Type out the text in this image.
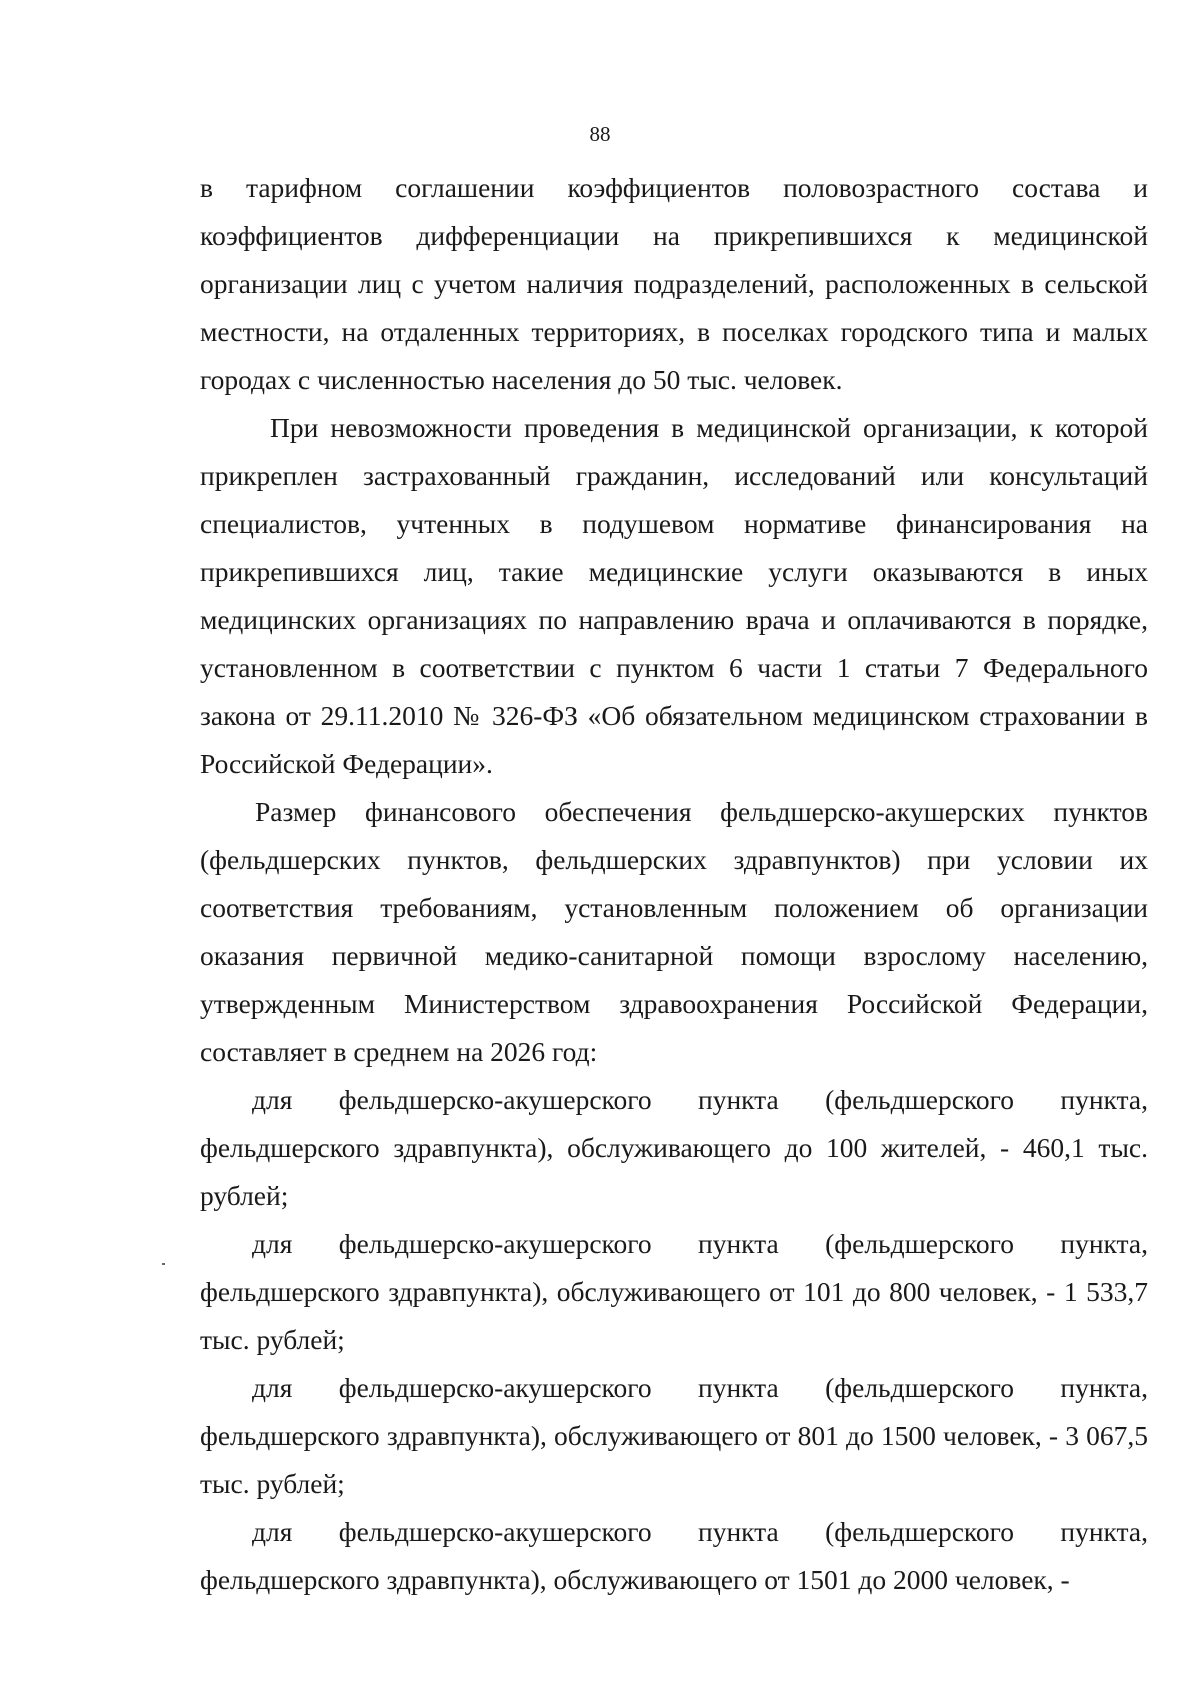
88

в тарифном соглашении коэффициентов половозрастного состава и коэффициентов дифференциации на прикрепившихся к медицинской организации лиц с учетом наличия подразделений, расположенных в сельской местности, на отдаленных территориях, в поселках городского типа и малых городах с численностью населения до 50 тыс. человек.

При невозможности проведения в медицинской организации, к которой прикреплен застрахованный гражданин, исследований или консультаций специалистов, учтенных в подушевом нормативе финансирования на прикрепившихся лиц, такие медицинские услуги оказываются в иных медицинских организациях по направлению врача и оплачиваются в порядке, установленном в соответствии с пунктом 6 части 1 статьи 7 Федерального закона от 29.11.2010 № 326-ФЗ «Об обязательном медицинском страховании в Российской Федерации».

Размер финансового обеспечения фельдшерско-акушерских пунктов (фельдшерских пунктов, фельдшерских здравпунктов) при условии их соответствия требованиям, установленным положением об организации оказания первичной медико-санитарной помощи взрослому населению, утвержденным Министерством здравоохранения Российской Федерации, составляет в среднем на 2026 год:

для фельдшерско-акушерского пункта (фельдшерского пункта, фельдшерского здравпункта), обслуживающего до 100 жителей, - 460,1 тыс. рублей;

для фельдшерско-акушерского пункта (фельдшерского пункта, фельдшерского здравпункта), обслуживающего от 101 до 800 человек, - 1 533,7 тыс. рублей;

для фельдшерско-акушерского пункта (фельдшерского пункта, фельдшерского здравпункта), обслуживающего от 801 до 1500 человек, - 3 067,5 тыс. рублей;

для фельдшерско-акушерского пункта (фельдшерского пункта, фельдшерского здравпункта), обслуживающего от 1501 до 2000 человек, -
